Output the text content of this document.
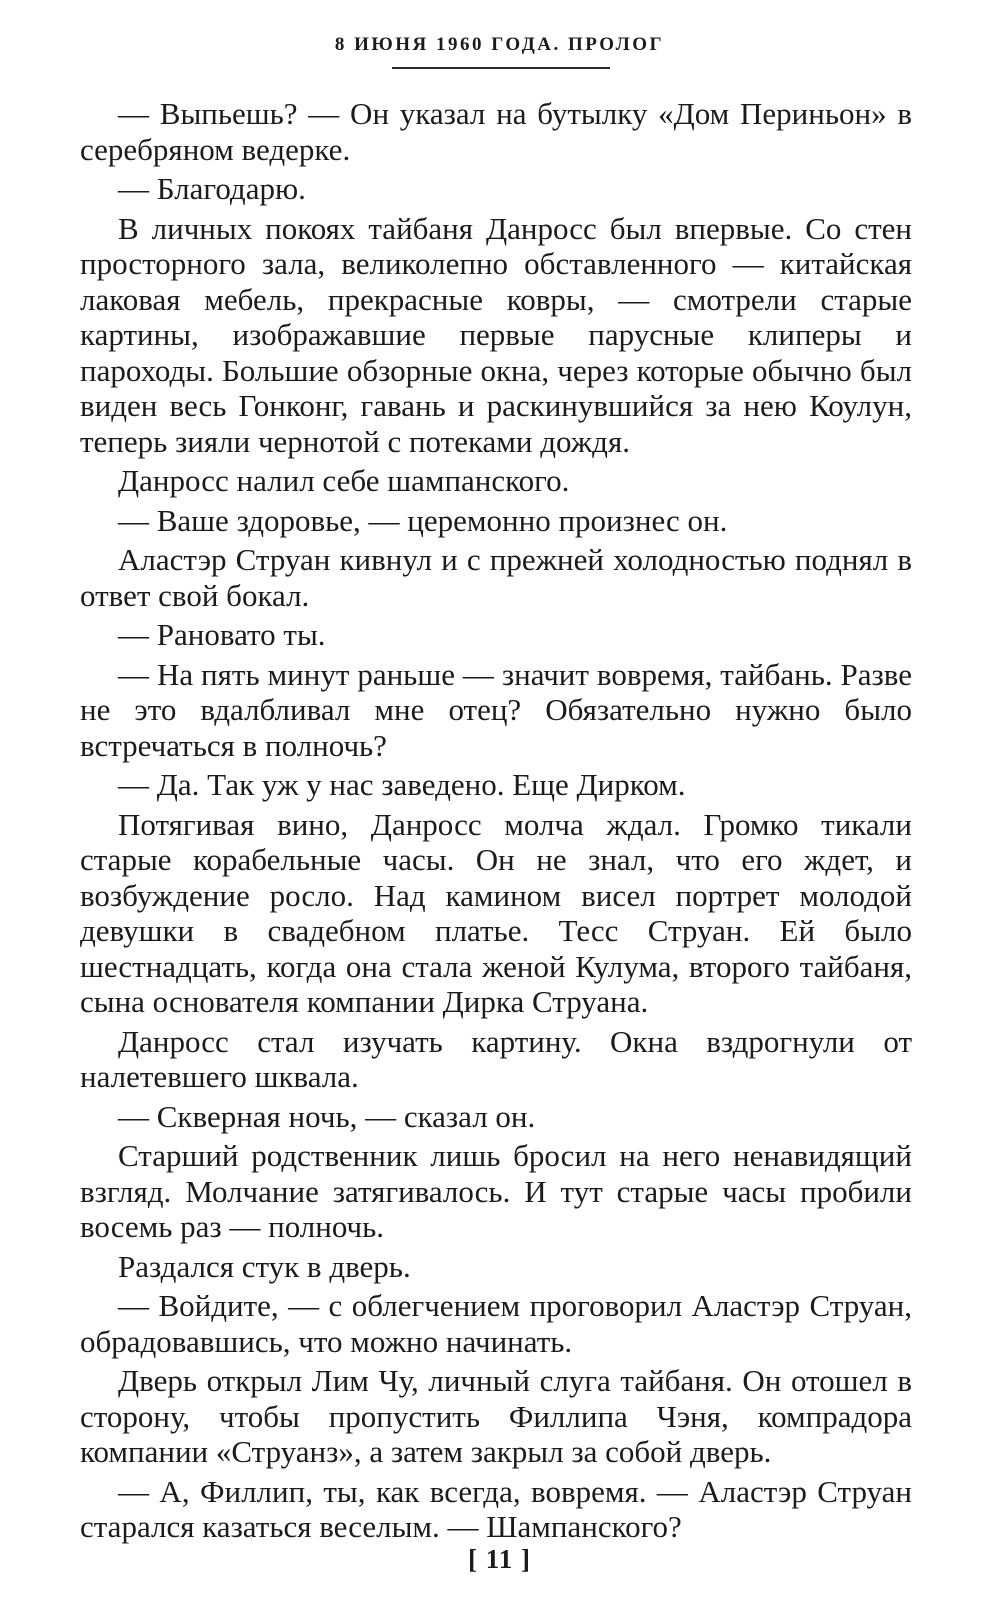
8 ИЮНЯ 1960 ГОДА. ПРОЛОГ

— Выпьешь? — Он указал на бутылку «Дом Периньон» в серебряном ведерке.

— Благодарю.

В личных покоях тайбаня Данросс был впервые. Со стен просторного зала, великолепно обставленного — китайская лаковая мебель, прекрасные ковры, — смотрели старые картины, изображавшие первые парусные клиперы и пароходы. Большие обзорные окна, через которые обычно был виден весь Гонконг, гавань и раскинувшийся за нею Коулун, теперь зияли чернотой с потеками дождя.

Данросс налил себе шампанского.

— Ваше здоровье, — церемонно произнес он.

Аластэр Струан кивнул и с прежней холодностью поднял в ответ свой бокал.

— Рановато ты.

— На пять минут раньше — значит вовремя, тайбань. Разве не это вдалбливал мне отец? Обязательно нужно было встречаться в полночь?

— Да. Так уж у нас заведено. Еще Дирком.

Потягивая вино, Данросс молча ждал. Громко тикали старые корабельные часы. Он не знал, что его ждет, и возбуждение росло. Над камином висел портрет молодой девушки в свадебном платье. Тесс Струан. Ей было шестнадцать, когда она стала женой Кулума, второго тайбаня, сына основателя компании Дирка Струана.

Данросс стал изучать картину. Окна вздрогнули от налетевшего шквала.

— Скверная ночь, — сказал он.

Старший родственник лишь бросил на него ненавидящий взгляд. Молчание затягивалось. И тут старые часы пробили восемь раз — полночь.

Раздался стук в дверь.

— Войдите, — с облегчением проговорил Аластэр Струан, обрадовавшись, что можно начинать.

Дверь открыл Лим Чу, личный слуга тайбаня. Он отошел в сторону, чтобы пропустить Филлипа Чэня, компрадора компании «Струанз», а затем закрыл за собой дверь.

— А, Филлип, ты, как всегда, вовремя. — Аластэр Струан старался казаться веселым. — Шампанского?

[ 11 ]
